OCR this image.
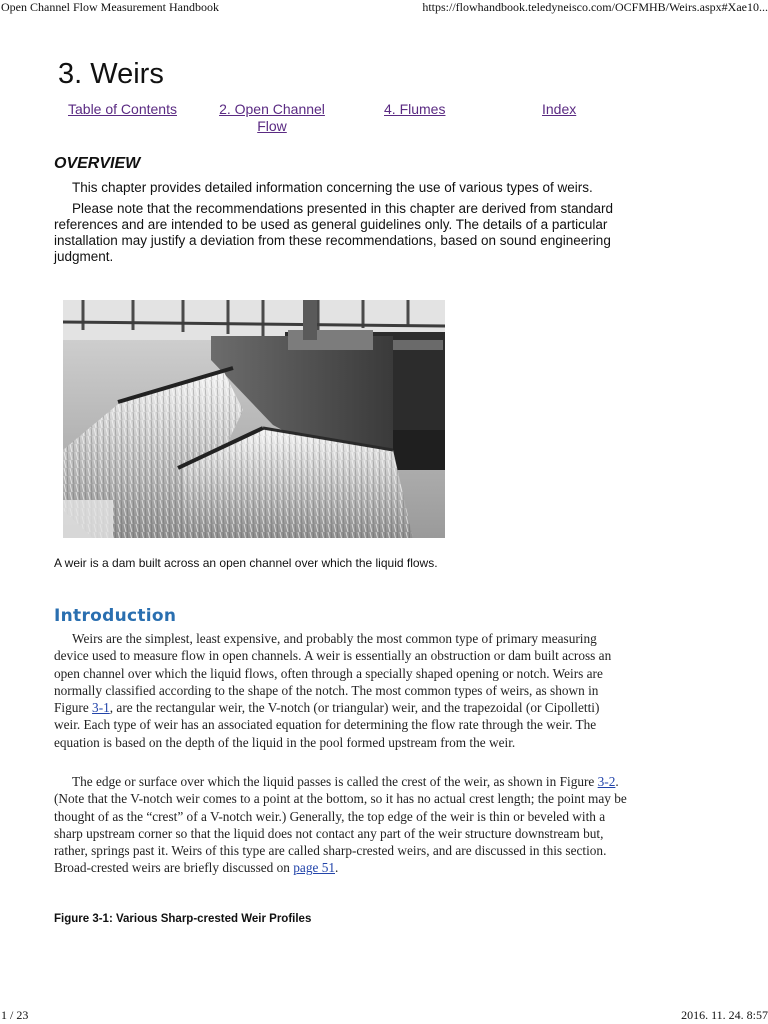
Open Channel Flow Measurement Handbook	https://flowhandbook.teledyneisco.com/OCFMHB/Weirs.aspx#Xae10...
3. Weirs
Table of Contents	2. Open Channel Flow
4. Flumes	Index
OVERVIEW

This chapter provides detailed information concerning the use of various types of weirs.

Please note that the recommendations presented in this chapter are derived from standard references and are intended to be used as general guidelines only. The details of a particular installation may justify a deviation from these recommendations, based on sound engineering judgment.

A weir is a dam built across an open channel over which the liquid flows.

Introduction

Weirs are the simplest, least expensive, and probably the most common type of primary measuring device used to measure flow in open channels. A weir is essentially an obstruction or dam built across an open channel over which the liquid flows, often through a specially shaped opening or notch. Weirs are normally classified according to the shape of the notch. The most common types of weirs, as shown in Figure 3-1, are the rectangular weir, the V-notch (or triangular) weir, and the trapezoidal (or Cipolletti) weir. Each type of weir has an associated equation for determining the flow rate through the weir. The equation is based on the depth of the liquid in the pool formed upstream from the weir.

The edge or surface over which the liquid passes is called the crest of the weir, as shown in Figure 3-2. (Note that the V-notch weir comes to a point at the bottom, so it has no actual crest length; the point may be thought of as the “crest” of a V-notch weir.) Generally, the top edge of the weir is thin or beveled with a sharp upstream corner so that the liquid does not contact any part of the weir structure downstream but, rather, springs past it. Weirs of this type are called sharp-crested weirs, and are discussed in this section. Broad-crested weirs are briefly discussed on page 51.

Figure 3-1: Various Sharp-crested Weir Profiles

1 / 23	2016. 11. 24. 8:57
